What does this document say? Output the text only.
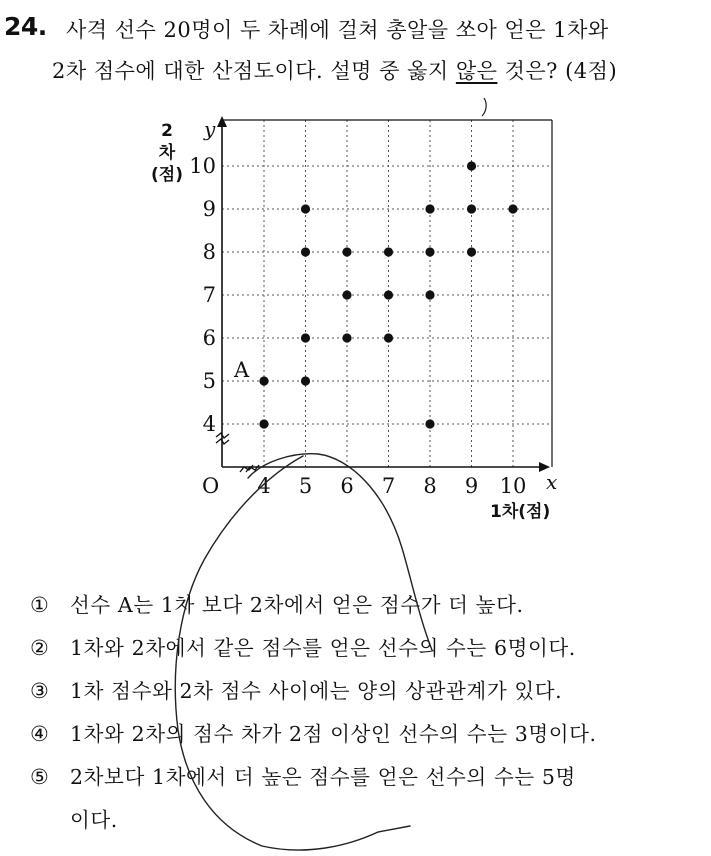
24. 사격 선수 20명이 두 차례에 걸쳐 총알을 쏘아 얻은 1차와
2차 점수에 대한 산점도이다. 설명 중 옳지 않은 것은? (4점)
4 5 6 7 8 9 10
4
5
6
7
8
9
10
x
y
O
A
2
차
(점)
1차(점)
①	선수 A는 1차 보다 2차에서 얻은 점수가 더 높다.
②	1차와 2차에서 같은 점수를 얻은 선수의 수는 6명이다.
③	1차 점수와 2차 점수 사이에는 양의 상관관계가 있다.
④	1차와 2차의 점수 차가 2점 이상인 선수의 수는 3명이다.
⑤	2차보다 1차에서 더 높은 점수를 얻은 선수의 수는 5명
이다.
